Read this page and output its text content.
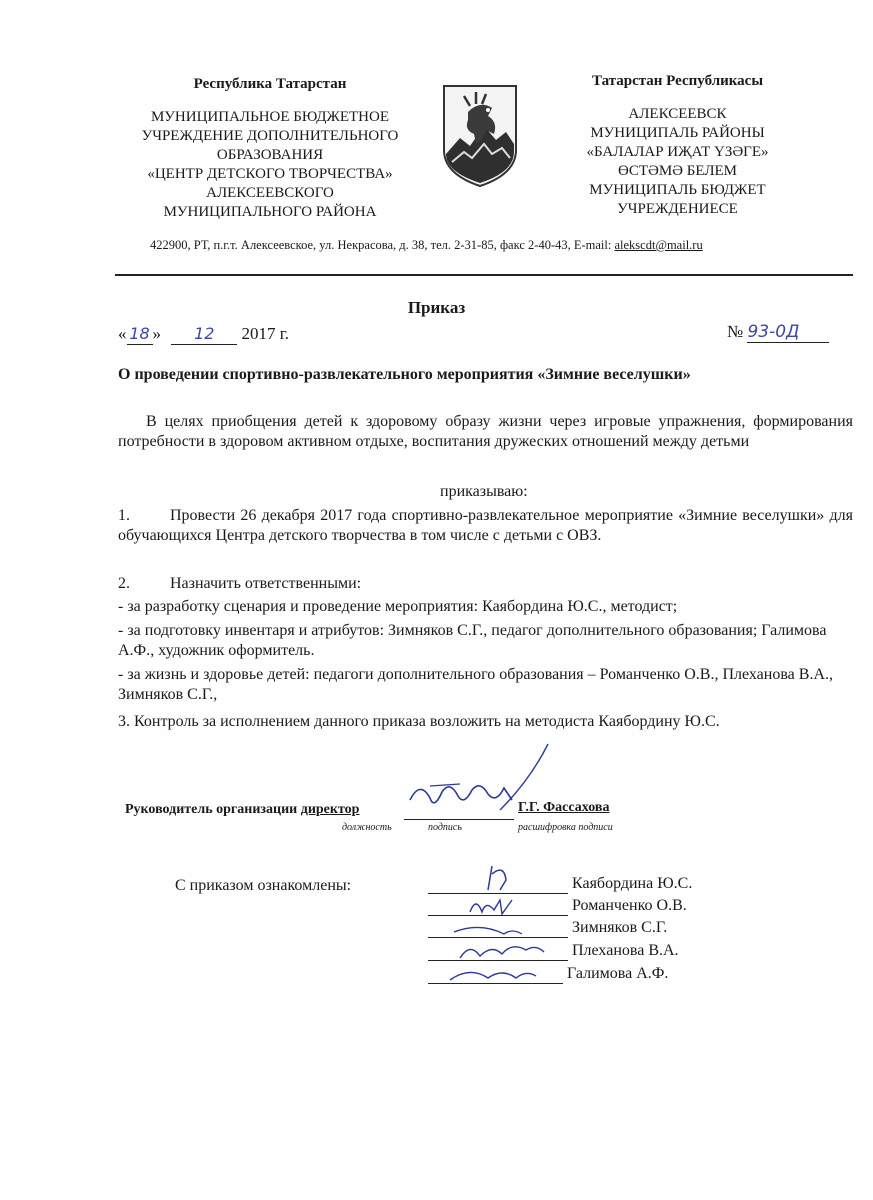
Республика Татарстан
МУНИЦИПАЛЬНОЕ БЮДЖЕТНОЕ
УЧРЕЖДЕНИЕ ДОПОЛНИТЕЛЬНОГО
ОБРАЗОВАНИЯ
«ЦЕНТР ДЕТСКОГО ТВОРЧЕСТВА»
АЛЕКСЕЕВСКОГО
МУНИЦИПАЛЬНОГО РАЙОНА
Татарстан Республикасы
АЛЕКСЕЕВСК
МУНИЦИПАЛЬ РАЙОНЫ
«БАЛАЛАР ИҖАТ ҮЗӘГЕ»
ӨСТӘМӘ БЕЛЕМ
МУНИЦИПАЛЬ БЮДЖЕТ
УЧРЕЖДЕНИЕСЕ
422900, РТ, п.г.т. Алексеевское, ул. Некрасова, д. 38, тел. 2-31-85, факс 2-40-43, E-mail: alekscdt@mail.ru
Приказ
« 18 » 12 2017 г.	№ 93-0Д
О проведении спортивно-развлекательного мероприятия «Зимние веселушки»
В целях приобщения детей к здоровому образу жизни через игровые упражнения, формирования потребности в здоровом активном отдыхе, воспитания дружеских отношений между детьми
приказываю:
1.	Провести 26 декабря 2017 года спортивно-развлекательное мероприятие «Зимние веселушки» для обучающихся Центра детского творчества в том числе с детьми с ОВЗ.
2.	Назначить ответственными:
- за разработку сценария и проведение мероприятия: Каябордина Ю.С., методист;
- за подготовку инвентаря и атрибутов: Зимняков С.Г., педагог дополнительного образования; Галимова А.Ф., художник оформитель.
- за жизнь и здоровье детей: педагоги дополнительного образования – Романченко О.В., Плеханова В.А., Зимняков С.Г.,
3. Контроль за исполнением данного приказа возложить на методиста Каябордину Ю.С.
Руководитель организации директор	Г.Г. Фассахова
должность	подпись	расшифровка подписи
С приказом ознакомлены:	Каябордина Ю.С.
Романченко О.В.
Зимняков С.Г.
Плеханова В.А.
Галимова А.Ф.
